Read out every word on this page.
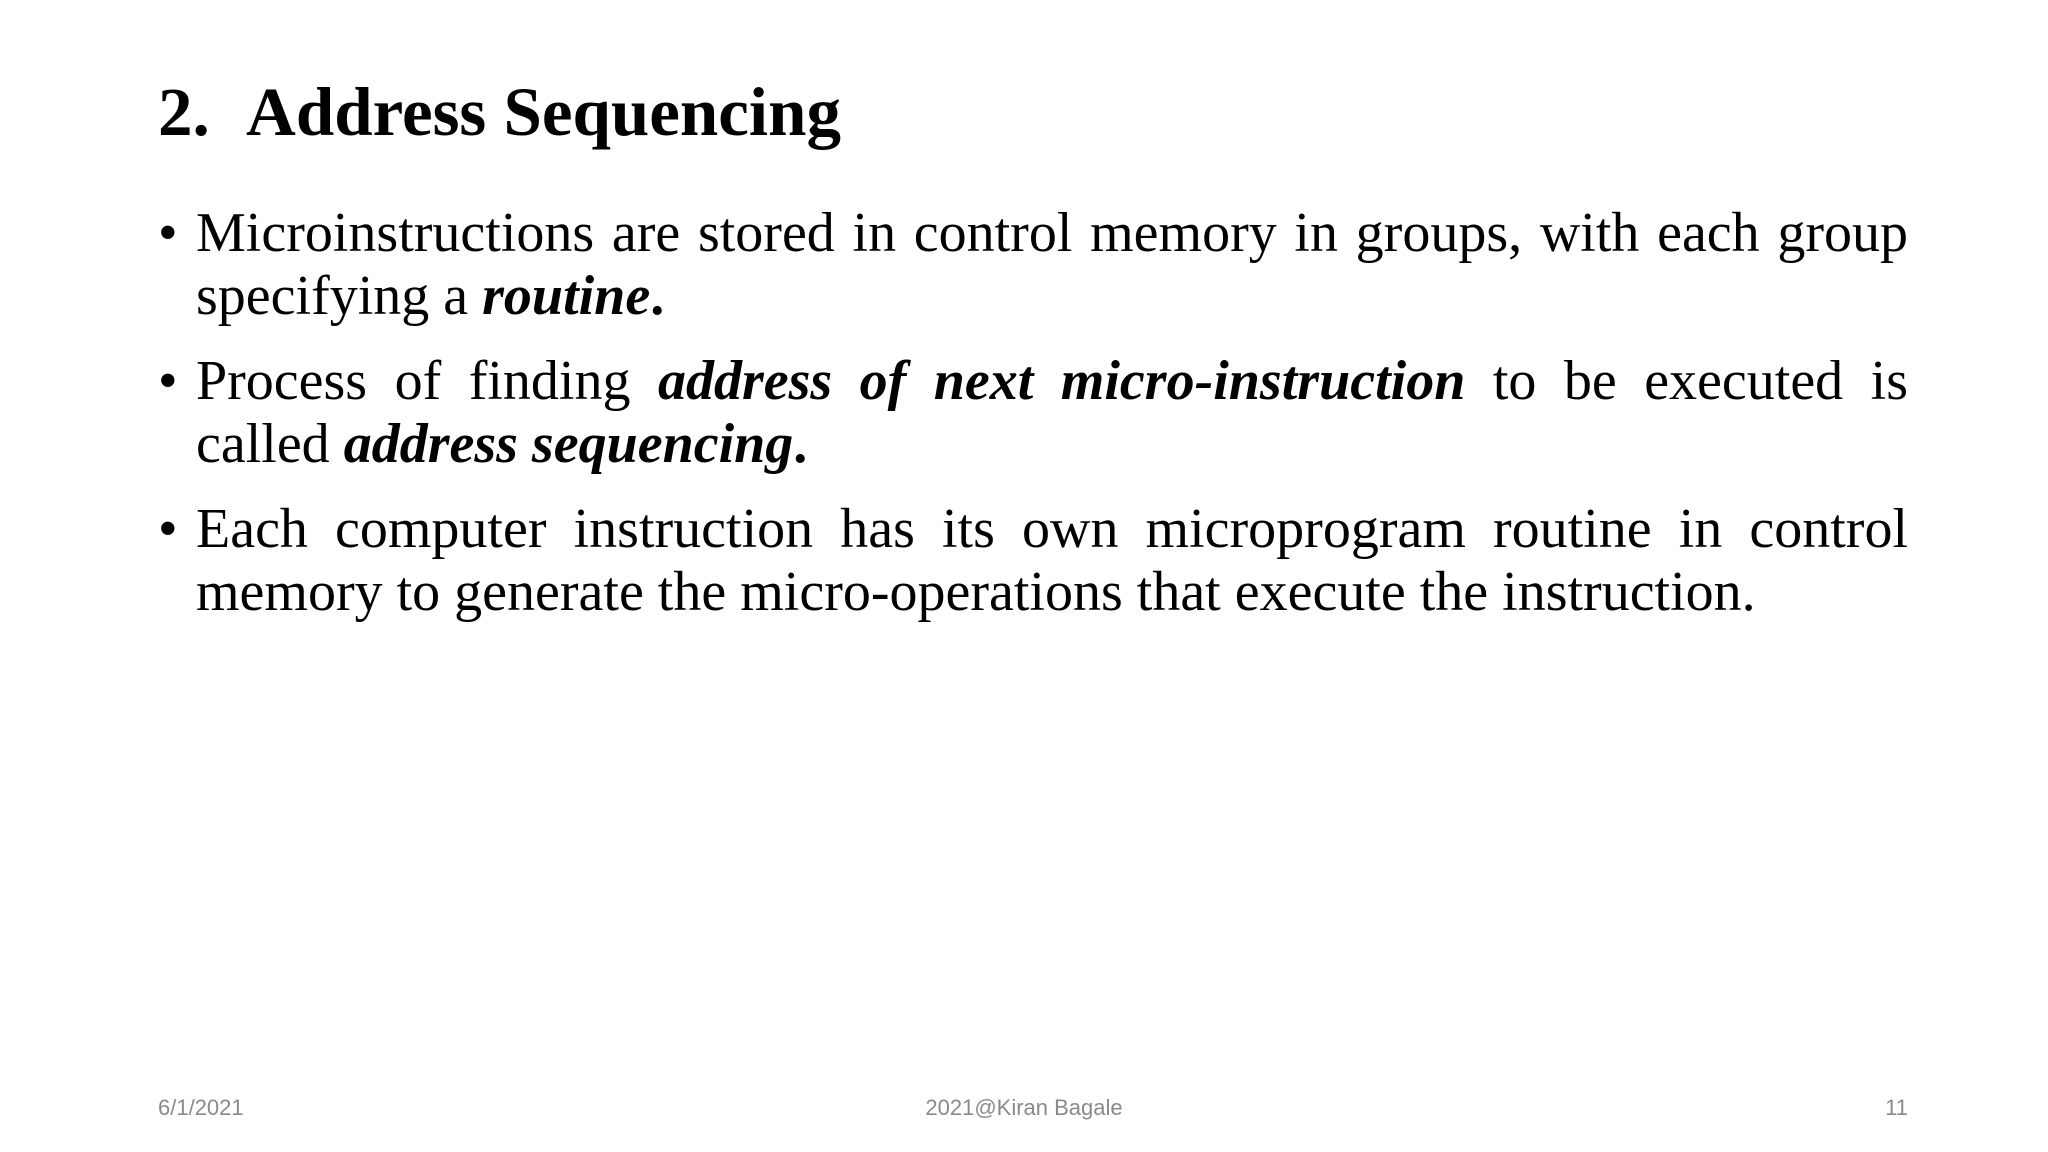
2. Address Sequencing
• Microinstructions are stored in control memory in groups, with each group specifying a routine.
• Process of finding address of next micro-instruction to be executed is called address sequencing.
• Each computer instruction has its own microprogram routine in control memory to generate the micro-operations that execute the instruction.
6/1/2021	2021@Kiran Bagale	11
